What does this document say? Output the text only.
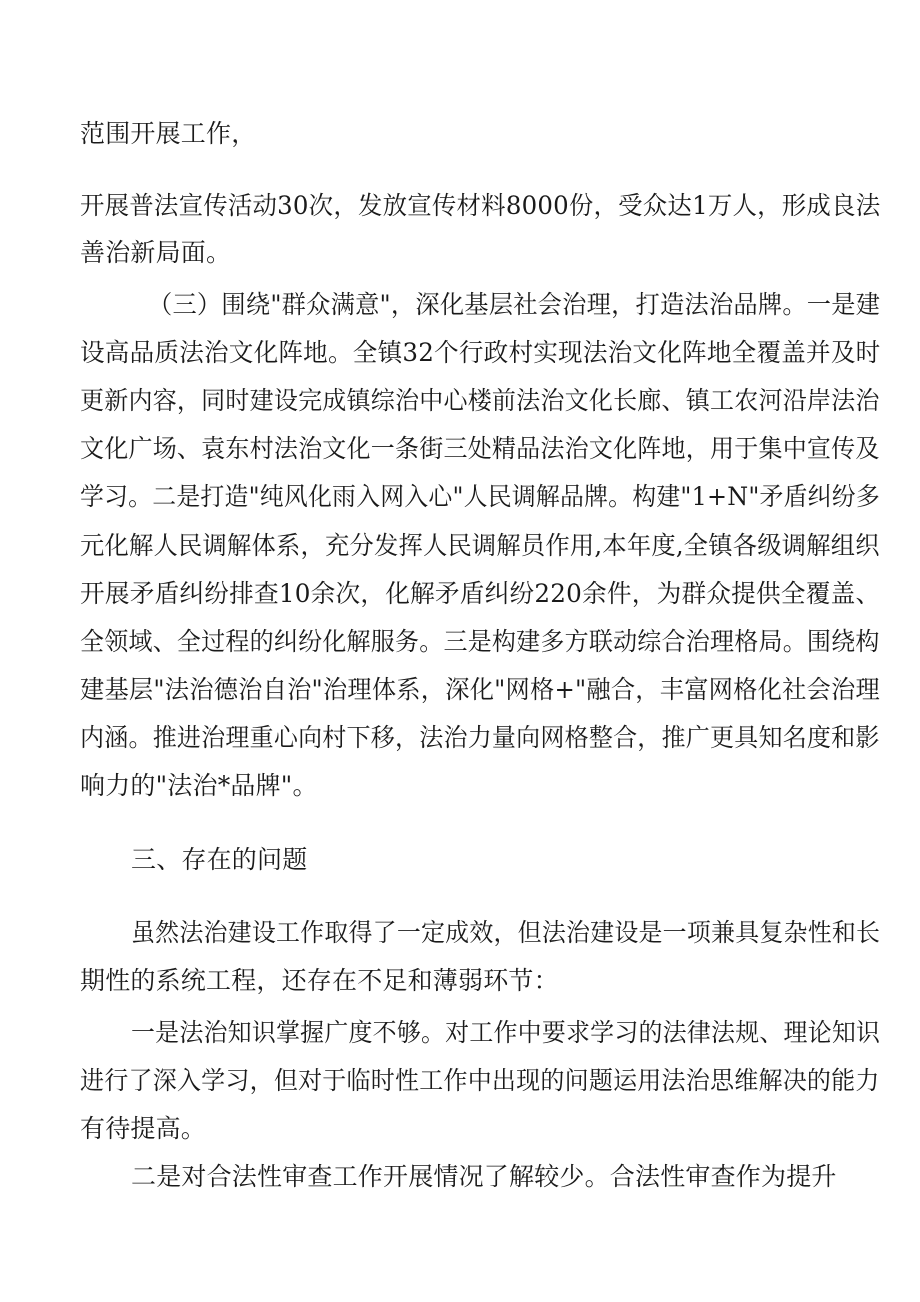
范围开展工作，
开展普法宣传活动30次，发放宣传材料8000份，受众达1万人，形成良法
善治新局面。
（三）围绕"群众满意"，深化基层社会治理，打造法治品牌。一是建
设高品质法治文化阵地。全镇32个行政村实现法治文化阵地全覆盖并及时
更新内容，同时建设完成镇综治中心楼前法治文化长廊、镇工农河沿岸法治
文化广场、袁东村法治文化一条街三处精品法治文化阵地，用于集中宣传及
学习。二是打造"纯风化雨入网入心"人民调解品牌。构建"1+N"矛盾纠纷多
元化解人民调解体系，充分发挥人民调解员作用,本年度,全镇各级调解组织
开展矛盾纠纷排查10余次，化解矛盾纠纷220余件，为群众提供全覆盖、
全领域、全过程的纠纷化解服务。三是构建多方联动综合治理格局。围绕构
建基层"法治德治自治"治理体系，深化"网格+"融合，丰富网格化社会治理
内涵。推进治理重心向村下移，法治力量向网格整合，推广更具知名度和影
响力的"法治*品牌"。
三、存在的问题
虽然法治建设工作取得了一定成效，但法治建设是一项兼具复杂性和长
期性的系统工程，还存在不足和薄弱环节：
一是法治知识掌握广度不够。对工作中要求学习的法律法规、理论知识
进行了深入学习，但对于临时性工作中出现的问题运用法治思维解决的能力
有待提高。
二是对合法性审查工作开展情况了解较少。合法性审查作为提升
